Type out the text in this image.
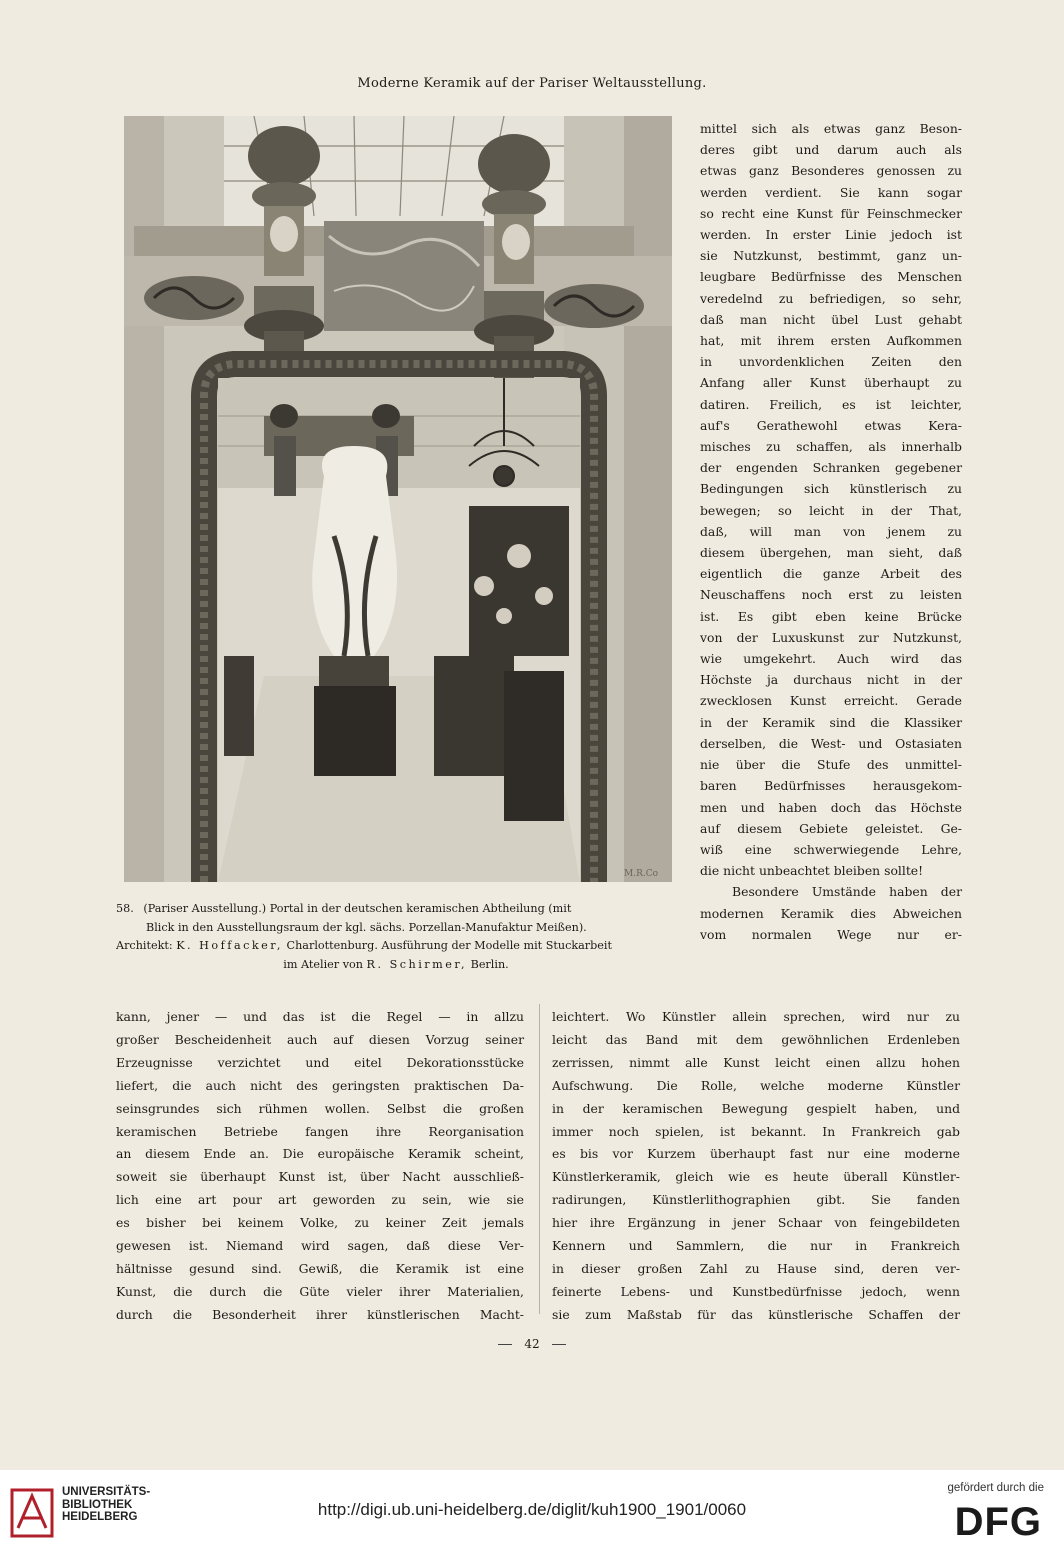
Moderne Keramik auf der Pariser Weltausstellung.
M.R.Co

58. (Pariser Ausstellung.) Portal in der deutschen keramischen Abtheilung (mit

Blick in den Ausstellungsraum der kgl. sächs. Porzellan-Manufaktur Meißen).

Architekt: K. Hoffacker, Charlottenburg. Ausführung der Modelle mit Stuckarbeit

im Atelier von R. Schirmer, Berlin.

mittel sich als etwas ganz Beson-
deres gibt und darum auch als
etwas ganz Besonderes genossen zu
werden verdient. Sie kann sogar
so recht eine Kunst für Feinschmecker
werden. In erster Linie jedoch ist
sie Nutzkunst, bestimmt, ganz un-
leugbare Bedürfnisse des Menschen
veredelnd zu befriedigen, so sehr,
daß man nicht übel Lust gehabt
hat, mit ihrem ersten Aufkommen
in unvordenklichen Zeiten den
Anfang aller Kunst überhaupt zu
datiren. Freilich, es ist leichter,
auf's Gerathewohl etwas Kera-
misches zu schaffen, als innerhalb
der engenden Schranken gegebener
Bedingungen sich künstlerisch zu
bewegen; so leicht in der That,
daß, will man von jenem zu
diesem übergehen, man sieht, daß
eigentlich die ganze Arbeit des
Neuschaffens noch erst zu leisten
ist. Es gibt eben keine Brücke
von der Luxuskunst zur Nutzkunst,
wie umgekehrt. Auch wird das
Höchste ja durchaus nicht in der
zwecklosen Kunst erreicht. Gerade
in der Keramik sind die Klassiker
derselben, die West- und Ostasiaten
nie über die Stufe des unmittel-
baren Bedürfnisses herausgekom-
men und haben doch das Höchste
auf diesem Gebiete geleistet. Ge-
wiß eine schwerwiegende Lehre,
die nicht unbeachtet bleiben sollte!
Besondere Umstände haben der
modernen Keramik dies Abweichen
vom normalen Wege nur er-
kann, jener — und das ist die Regel — in allzu
großer Bescheidenheit auch auf diesen Vorzug seiner
Erzeugnisse verzichtet und eitel Dekorationsstücke
liefert, die auch nicht des geringsten praktischen Da-
seinsgrundes sich rühmen wollen. Selbst die großen
keramischen Betriebe fangen ihre Reorganisation
an diesem Ende an. Die europäische Keramik scheint,
soweit sie überhaupt Kunst ist, über Nacht ausschließ-
lich eine art pour art geworden zu sein, wie sie
es bisher bei keinem Volke, zu keiner Zeit jemals
gewesen ist. Niemand wird sagen, daß diese Ver-
hältnisse gesund sind. Gewiß, die Keramik ist eine
Kunst, die durch die Güte vieler ihrer Materialien,
durch die Besonderheit ihrer künstlerischen Macht-
leichtert. Wo Künstler allein sprechen, wird nur zu
leicht das Band mit dem gewöhnlichen Erdenleben
zerrissen, nimmt alle Kunst leicht einen allzu hohen
Aufschwung. Die Rolle, welche moderne Künstler
in der keramischen Bewegung gespielt haben, und
immer noch spielen, ist bekannt. In Frankreich gab
es bis vor Kurzem überhaupt fast nur eine moderne
Künstlerkeramik, gleich wie es heute überall Künstler-
radirungen, Künstlerlithographien gibt. Sie fanden
hier ihre Ergänzung in jener Schaar von feingebildeten
Kennern und Sammlern, die nur in Frankreich
in dieser großen Zahl zu Hause sind, deren ver-
feinerte Lebens- und Kunstbedürfnisse jedoch, wenn
sie zum Maßstab für das künstlerische Schaffen der
42
UNIVERSITÄTS-
BIBLIOTHEK
HEIDELBERG	http://digi.ub.uni-heidelberg.de/diglit/kuh1900_1901/0060
gefördert durch die
DFG
